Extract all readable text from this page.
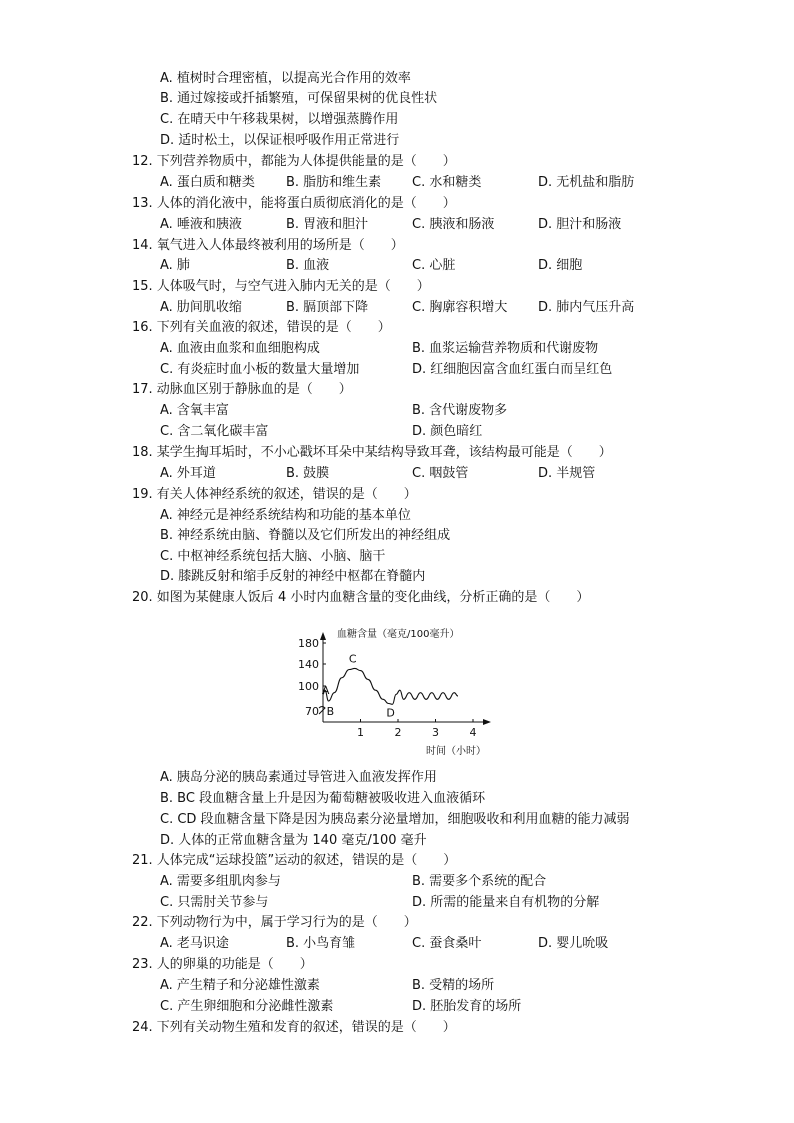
A. 植树时合理密植，以提高光合作用的效率
B. 通过嫁接或扦插繁殖，可保留果树的优良性状
C. 在晴天中午移栽果树，以增强蒸腾作用
D. 适时松土，以保证根呼吸作用正常进行
12. 下列营养物质中，都能为人体提供能量的是（　　）
A. 蛋白质和糖类 B. 脂肪和维生素 C. 水和糖类	D. 无机盐和脂肪
13. 人体的消化液中，能将蛋白质彻底消化的是（　　）
A. 唾液和胰液	B. 胃液和胆汁	C. 胰液和肠液	D. 胆汁和肠液
14. 氧气进入人体最终被利用的场所是（　　）
A. 肺	B. 血液	C. 心脏	D. 细胞
15. 人体吸气时，与空气进入肺内无关的是（　　）
A. 肋间肌收缩	B. 膈顶部下降	C. 胸廓容积增大 D. 肺内气压升高
16. 下列有关血液的叙述，错误的是（　　）
A. 血液由血浆和血细胞构成	B. 血浆运输营养物质和代谢废物
C. 有炎症时血小板的数量大量增加	D. 红细胞因富含血红蛋白而呈红色
17. 动脉血区别于静脉血的是（　　）
A. 含氧丰富	B. 含代谢废物多
C. 含二氧化碳丰富	D. 颜色暗红
18. 某学生掏耳垢时，不小心戳坏耳朵中某结构导致耳聋，该结构最可能是（　　）
A. 外耳道	B. 鼓膜	C. 咽鼓管	D. 半规管
19. 有关人体神经系统的叙述，错误的是（　　）
A. 神经元是神经系统结构和功能的基本单位
B. 神经系统由脑、脊髓以及它们所发出的神经组成
C. 中枢神经系统包括大脑、小脑、脑干
D. 膝跳反射和缩手反射的神经中枢都在脊髓内
20. 如图为某健康人饭后 4 小时内血糖含量的变化曲线，分析正确的是（　　）
A. 胰岛分泌的胰岛素通过导管进入血液发挥作用
B. BC 段血糖含量上升是因为葡萄糖被吸收进入血液循环
C. CD 段血糖含量下降是因为胰岛素分泌量增加，细胞吸收和利用血糖的能力减弱
D. 人体的正常血糖含量为 140 毫克/100 毫升
21. 人体完成“运球投篮”运动的叙述，错误的是（　　）
A. 需要多组肌肉参与	B. 需要多个系统的配合
C. 只需肘关节参与	D. 所需的能量来自有机物的分解
22. 下列动物行为中，属于学习行为的是（　　）
A. 老马识途	B. 小鸟育雏	C. 蚕食桑叶	D. 婴儿吮吸
23. 人的卵巢的功能是（　　）
A. 产生精子和分泌雄性激素	B. 受精的场所
C. 产生卵细胞和分泌雌性激素	D. 胚胎发育的场所
24. 下列有关动物生殖和发育的叙述，错误的是（　　）
70
100
140
180
1	2	3	4
血糖含量（毫克/100毫升）
时间（小时）
A
B
C
D
